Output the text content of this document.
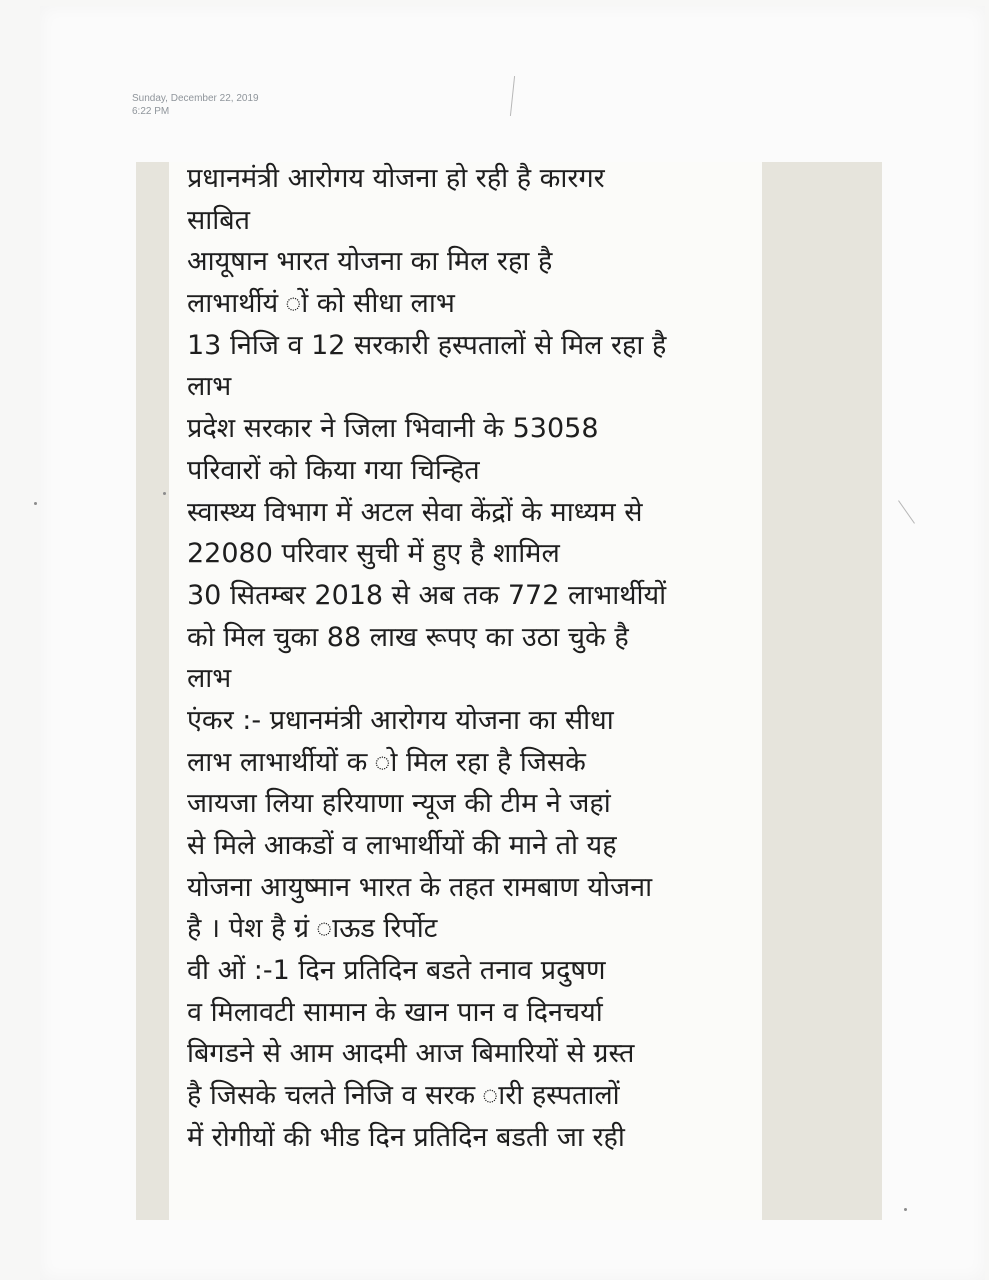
Sunday, December 22, 2019
6:22 PM
प्रधानमंत्री आरोगय योजना हो रही है कारगर
साबित
आयूषान भारत योजना का मिल रहा है
लाभार्थीयं ों को सीधा लाभ
13 निजि व 12 सरकारी हस्पतालों से मिल रहा है
लाभ
प्रदेश सरकार ने जिला भिवानी के 53058
परिवारों को किया गया चिन्हित
स्वास्थ्य विभाग में अटल सेवा केंद्रों के माध्यम से
22080 परिवार सुची में हुए है शामिल
30 सितम्बर 2018 से अब तक 772 लाभार्थीयों
को मिल चुका 88 लाख रूपए का उठा चुके है
लाभ
एंकर :- प्रधानमंत्री आरोगय योजना का सीधा
लाभ लाभार्थीयों क ो मिल रहा है जिसके
जायजा लिया हरियाणा न्यूज की टीम ने जहां
से मिले आकडों व लाभार्थीयों की माने तो यह
योजना आयुष्मान भारत के तहत रामबाण योजना
है । पेश है ग्रं ाऊड रिर्पोट
वी ओं :-1 दिन प्रतिदिन बडते तनाव प्रदुषण
व मिलावटी सामान के खान पान व दिनचर्या
बिगडने से आम आदमी आज बिमारियों से ग्रस्त
है जिसके चलते निजि व सरक ारी हस्पतालों
में रोगीयों की भीड दिन प्रतिदिन बडती जा रही
